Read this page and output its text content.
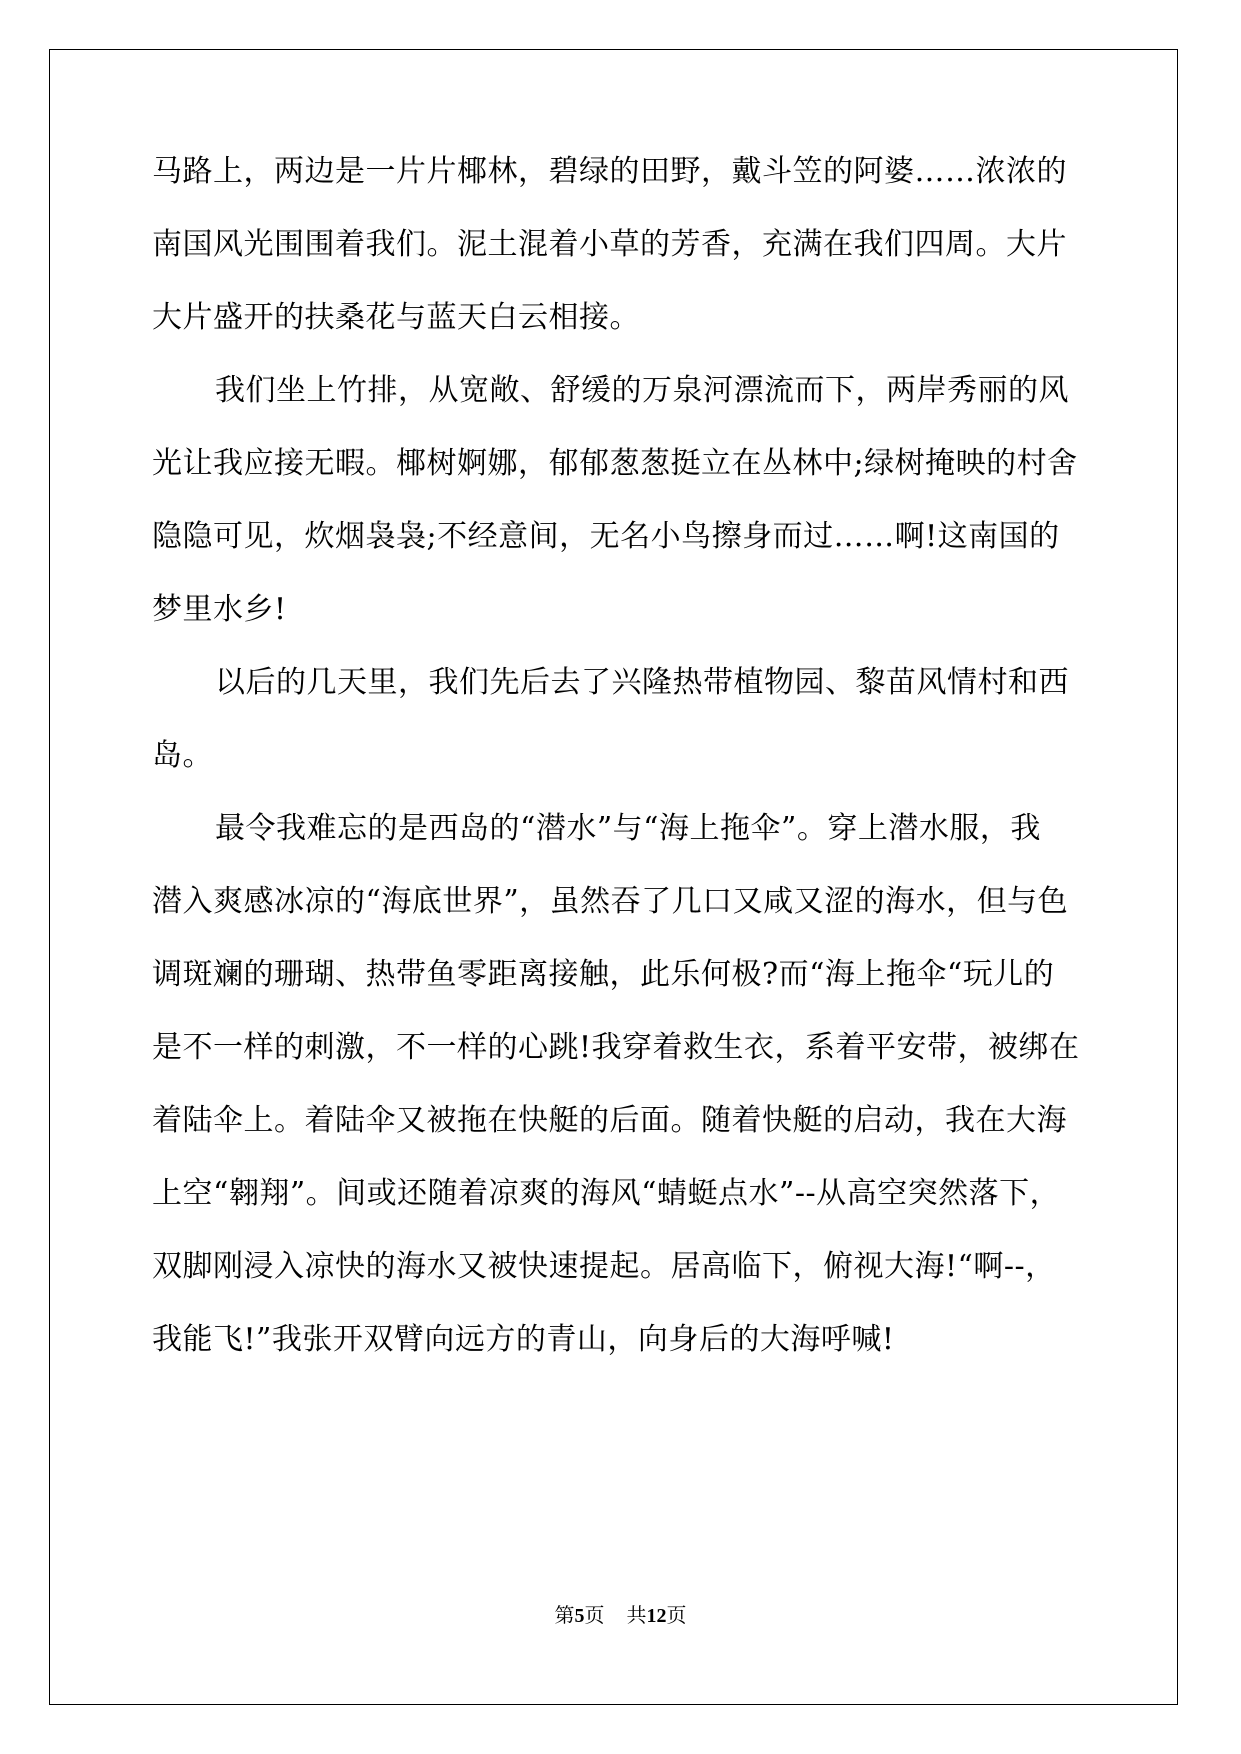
马路上，两边是一片片椰林，碧绿的田野，戴斗笠的阿婆……浓浓的
南国风光围围着我们。泥土混着小草的芳香，充满在我们四周。大片
大片盛开的扶桑花与蓝天白云相接。
我们坐上竹排，从宽敞、舒缓的万泉河漂流而下，两岸秀丽的风
光让我应接无暇。椰树婀娜，郁郁葱葱挺立在丛林中;绿树掩映的村舍
隐隐可见，炊烟袅袅;不经意间，无名小鸟擦身而过……啊!这南国的
梦里水乡!
以后的几天里，我们先后去了兴隆热带植物园、黎苗风情村和西
岛。
最令我难忘的是西岛的“潜水”与“海上拖伞”。穿上潜水服，我
潜入爽感冰凉的“海底世界”，虽然吞了几口又咸又涩的海水，但与色
调斑斓的珊瑚、热带鱼零距离接触，此乐何极?而“海上拖伞“玩儿的
是不一样的刺激，不一样的心跳!我穿着救生衣，系着平安带，被绑在
着陆伞上。着陆伞又被拖在快艇的后面。随着快艇的启动，我在大海
上空“翱翔”。间或还随着凉爽的海风“蜻蜓点水”--从高空突然落下，
双脚刚浸入凉快的海水又被快速提起。居高临下，俯视大海!“啊--，
我能飞!”我张开双臂向远方的青山，向身后的大海呼喊!
第5页 共12页
